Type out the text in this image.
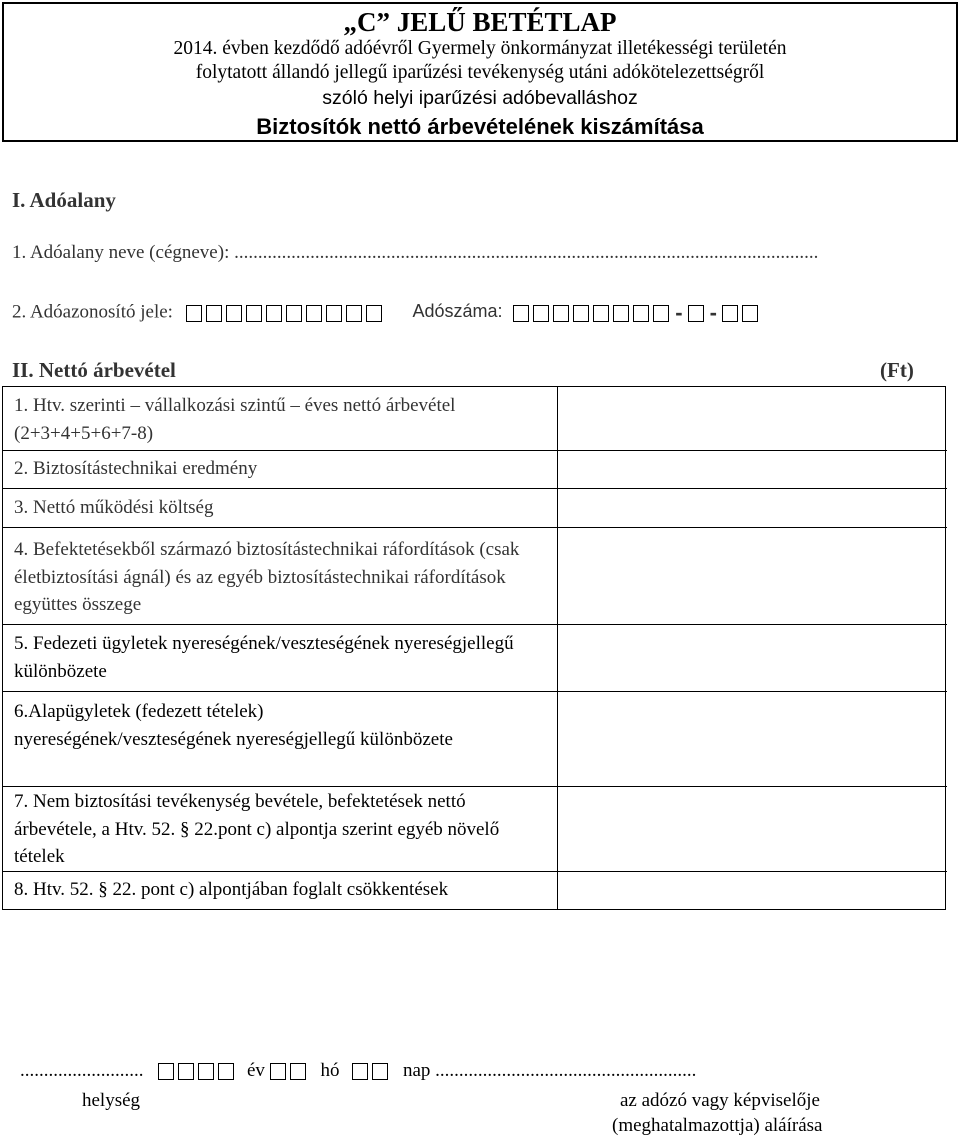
„C” JELŰ BETÉTLAP
2014. évben kezdődő adóévről Gyermely önkormányzat illetékességi területén
folytatott állandó jellegű iparűzési tevékenység utáni adókötelezettségről
szóló helyi iparűzési adóbevalláshoz
Biztosítók nettó árbevételének kiszámítása
I. Adóalany
1. Adóalany neve (cégneve): ...........................................................................................................................
2. Adóazonosító jele:	Adószáma:	- -
II. Nettó árbevétel	(Ft)
1. Htv. szerinti – vállalkozási szintű – éves nettó árbevétel (2+3+4+5+6+7-8)
2. Biztosítástechnikai eredmény
3. Nettó működési költség
4. Befektetésekből származó biztosítástechnikai ráfordítások (csak életbiztosítási ágnál) és az egyéb biztosítástechnikai ráfordítások együttes összege
5. Fedezeti ügyletek nyereségének/veszteségének nyereségjellegű különbözete
6.Alapügyletek (fedezett tételek) nyereségének/veszteségének nyereségjellegű különbözete
7. Nem biztosítási tevékenység bevétele, befektetések nettó árbevétele, a Htv. 52. § 22.pont c) alpontja szerint egyéb növelő tételek
8. Htv. 52. § 22. pont c) alpontjában foglalt csökkentések
..........................	év	hó	nap .......................................................
helység	az adózó vagy képviselője
(meghatalmazottja) aláírása
